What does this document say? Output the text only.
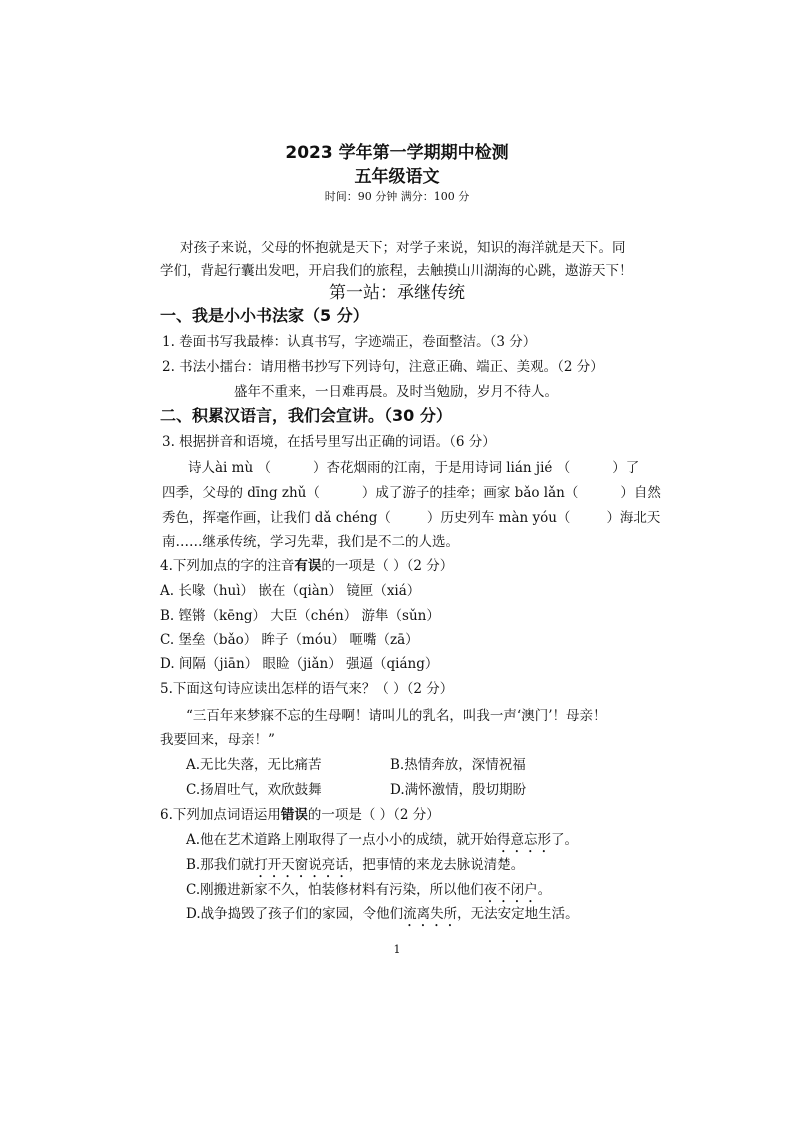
2023 学年第一学期期中检测
五年级语文
时间：90 分钟 满分：100 分
对孩子来说，父母的怀抱就是天下；对学子来说，知识的海洋就是天下。同
学们，背起行囊出发吧，开启我们的旅程，去触摸山川湖海的心跳，遨游天下！
第一站：承继传统
一、我是小小书法家（5 分）
1. 卷面书写我最棒：认真书写，字迹端正，卷面整洁。（3 分）
2. 书法小擂台：请用楷书抄写下列诗句，注意正确、端正、美观。（2 分）
盛年不重来，一日难再晨。及时当勉励，岁月不待人。
二、积累汉语言，我们会宣讲。（30 分）
3. 根据拼音和语境，在括号里写出正确的词语。（6 分）
诗人ài mù （	）杏花烟雨的江南，于是用诗词 lián jié （	）了
四季，父母的 dīng zhǔ（	）成了游子的挂牵；画家 bǎo lǎn（	）自然
秀色，挥毫作画，让我们 dǎ chéng（	）历史列车 màn yóu（	）海北天
南……继承传统，学习先辈，我们是不二的人选。
4.下列加点的字的注音有误的一项是（ ）（2 分）
A. 长喙（huì） 嵌在（qiàn） 镜匣（xiá）
B. 铿锵（kēng） 大臣（chén） 游隼（sǔn）
C. 堡垒（bǎo） 眸子（móu） 咂嘴（zā）
D. 间隔（jiān） 眼睑（jiǎn） 强逼（qiáng）
5.下面这句诗应读出怎样的语气来？（ ）（2 分）
“三百年来梦寐不忘的生母啊！请叫儿的乳名，叫我一声‘澳门’！母亲！
我要回来，母亲！”
A.无比失落，无比痛苦	B.热情奔放，深情祝福
C.扬眉吐气，欢欣鼓舞	D.满怀激情，殷切期盼
6.下列加点词语运用错误的一项是（ ）（2 分）
A.他在艺术道路上刚取得了一点小小的成绩，就开始得意忘形了。
B.那我们就打开天窗说亮话，把事情的来龙去脉说清楚。
C.刚搬进新家不久，怕装修材料有污染，所以他们夜不闭户。
D.战争捣毁了孩子们的家园，令他们流离失所，无法安定地生活。
1
